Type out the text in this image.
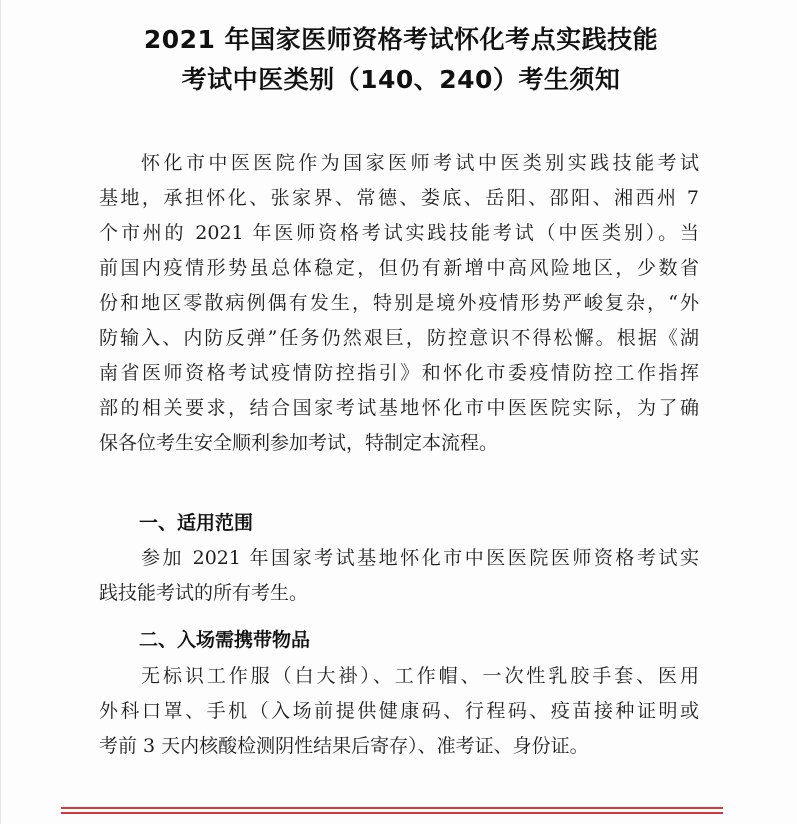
2021 年国家医师资格考试怀化考点实践技能
考试中医类别（140、240）考生须知
怀化市中医医院作为国家医师考试中医类别实践技能考试
基地，承担怀化、张家界、常德、娄底、岳阳、邵阳、湘西州 7
个市州的 2021 年医师资格考试实践技能考试（中医类别）。当
前国内疫情形势虽总体稳定，但仍有新增中高风险地区，少数省
份和地区零散病例偶有发生，特别是境外疫情形势严峻复杂，“外
防输入、内防反弹”任务仍然艰巨，防控意识不得松懈。根据《湖
南省医师资格考试疫情防控指引》和怀化市委疫情防控工作指挥
部的相关要求，结合国家考试基地怀化市中医医院实际，为了确
保各位考生安全顺利参加考试，特制定本流程。
一、适用范围
参加 2021 年国家考试基地怀化市中医医院医师资格考试实
践技能考试的所有考生。
二、入场需携带物品
无标识工作服（白大褂）、工作帽、一次性乳胶手套、医用
外科口罩、手机（入场前提供健康码、行程码、疫苗接种证明或
考前 3 天内核酸检测阴性结果后寄存）、准考证、身份证。
